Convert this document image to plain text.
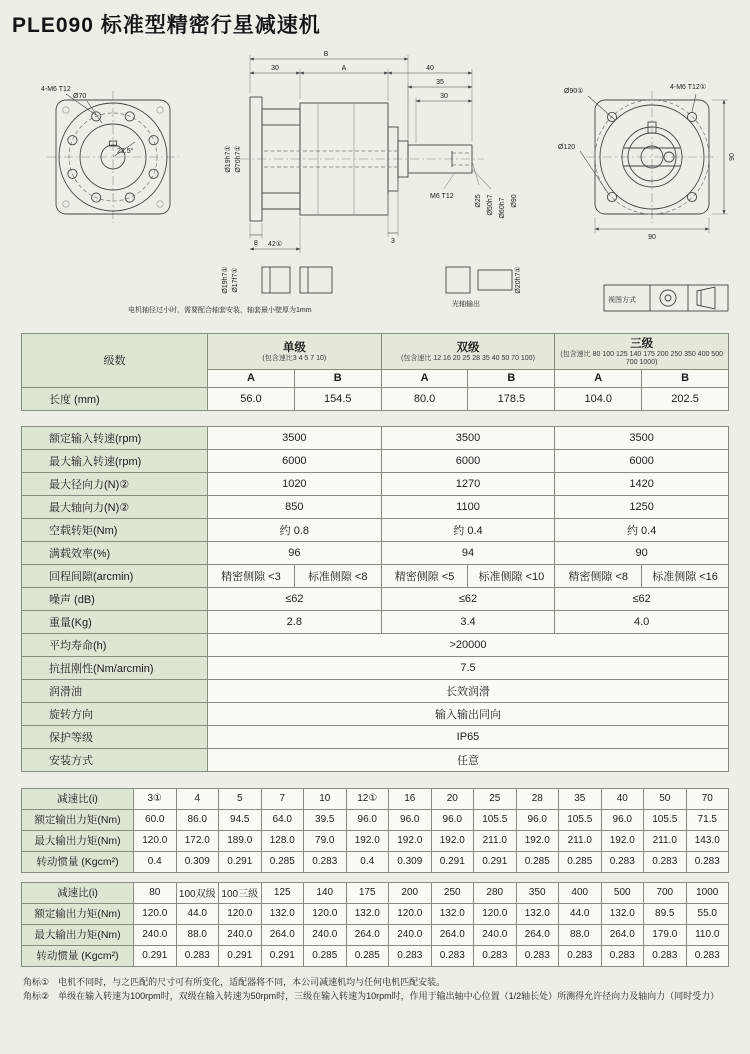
PLE090 标准型精密行星减速机
4-M6 T12
Ø70
22.5°
B
30	A	40
35
30
8 42①	3
Ø70h7①
Ø19h7①
Ø25 Ø50h7 Ø60h7 Ø90
M6 T12
Ø90①
4-M6 T12①
Ø120
90
90
Ø19h7① Ø17f7①	Ø20h7①
光轴输出
电机轴径过小时，需要配合轴套安装，轴套最小壁厚为1mm
视图方式
级数	
单级
(包含速比3 4 5 7 10)

双级
(包含速比 12 16 20 25 28 35 40 50 70 100)

三级
(包含速比 80 100 125 140 175 200 250 350 400 500 700 1000)

	A	B	A	B	A	B
长度 (mm)	56.0	154.5	80.0	178.5	104.0	202.5
额定输入转速(rpm)	3500		3500		3500	
最大输入转速(rpm)	6000		6000		6000	
最大径向力(N)②	1020		1270		1420	
最大轴向力(N)②	850		1100		1250	
空载转矩(Nm)	约 0.8		约 0.4		约 0.4	
满载效率(%)	96		94		90	
回程间隙(arcmin)	精密侧隙 <3	标准侧隙 <8	精密侧隙 <5	标准侧隙 <10	精密侧隙 <8	标准侧隙 <16
噪声 (dB)	≤62		≤62		≤62	
重量(Kg)	2.8		3.4		4.0	
平均寿命(h)	>20000					
抗扭刚性(Nm/arcmin)	7.5					
润滑油	长效润滑					
旋转方向	输入输出同向					
保护等级	IP65					
安装方式	任意					
减速比(i)	3①	4	5	7	10	12①	16	20	25	28	35	40	50	70
额定输出力矩(Nm)	60.0	86.0	94.5	64.0	39.5	96.0	96.0	96.0	105.5	96.0	105.5	96.0	105.5	71.5
最大输出力矩(Nm)	120.0	172.0	189.0	128.0	79.0	192.0	192.0	192.0	211.0	192.0	211.0	192.0	211.0	143.0
转动惯量 (Kgcm²)	0.4	0.309	0.291	0.285	0.283	0.4	0.309	0.291	0.291	0.285	0.285	0.283	0.283	0.283
减速比(i)	80	100双级	100三级	125	140	175	200	250	280	350	400	500	700	1000
额定输出力矩(Nm)	120.0	44.0	120.0	132.0	120.0	132.0	120.0	132.0	120.0	132.0	44.0	132.0	89.5	55.0
最大输出力矩(Nm)	240.0	88.0	240.0	264.0	240.0	264.0	240.0	264.0	240.0	264.0	88.0	264.0	179.0	110.0
转动惯量 (Kgcm²)	0.291	0.283	0.291	0.291	0.285	0.285	0.283	0.283	0.283	0.283	0.283	0.283	0.283	0.283
角标①　电机不同时，与之匹配的尺寸可有所变化，适配器将不同，本公司减速机均与任何电机匹配安装。
角标②　单级在输入转速为100rpm时，双级在输入转速为50rpm时，三级在输入转速为10rpm时，作用于输出轴中心位置（1/2轴长处）所测得允许径向力及轴向力（同时受力）
